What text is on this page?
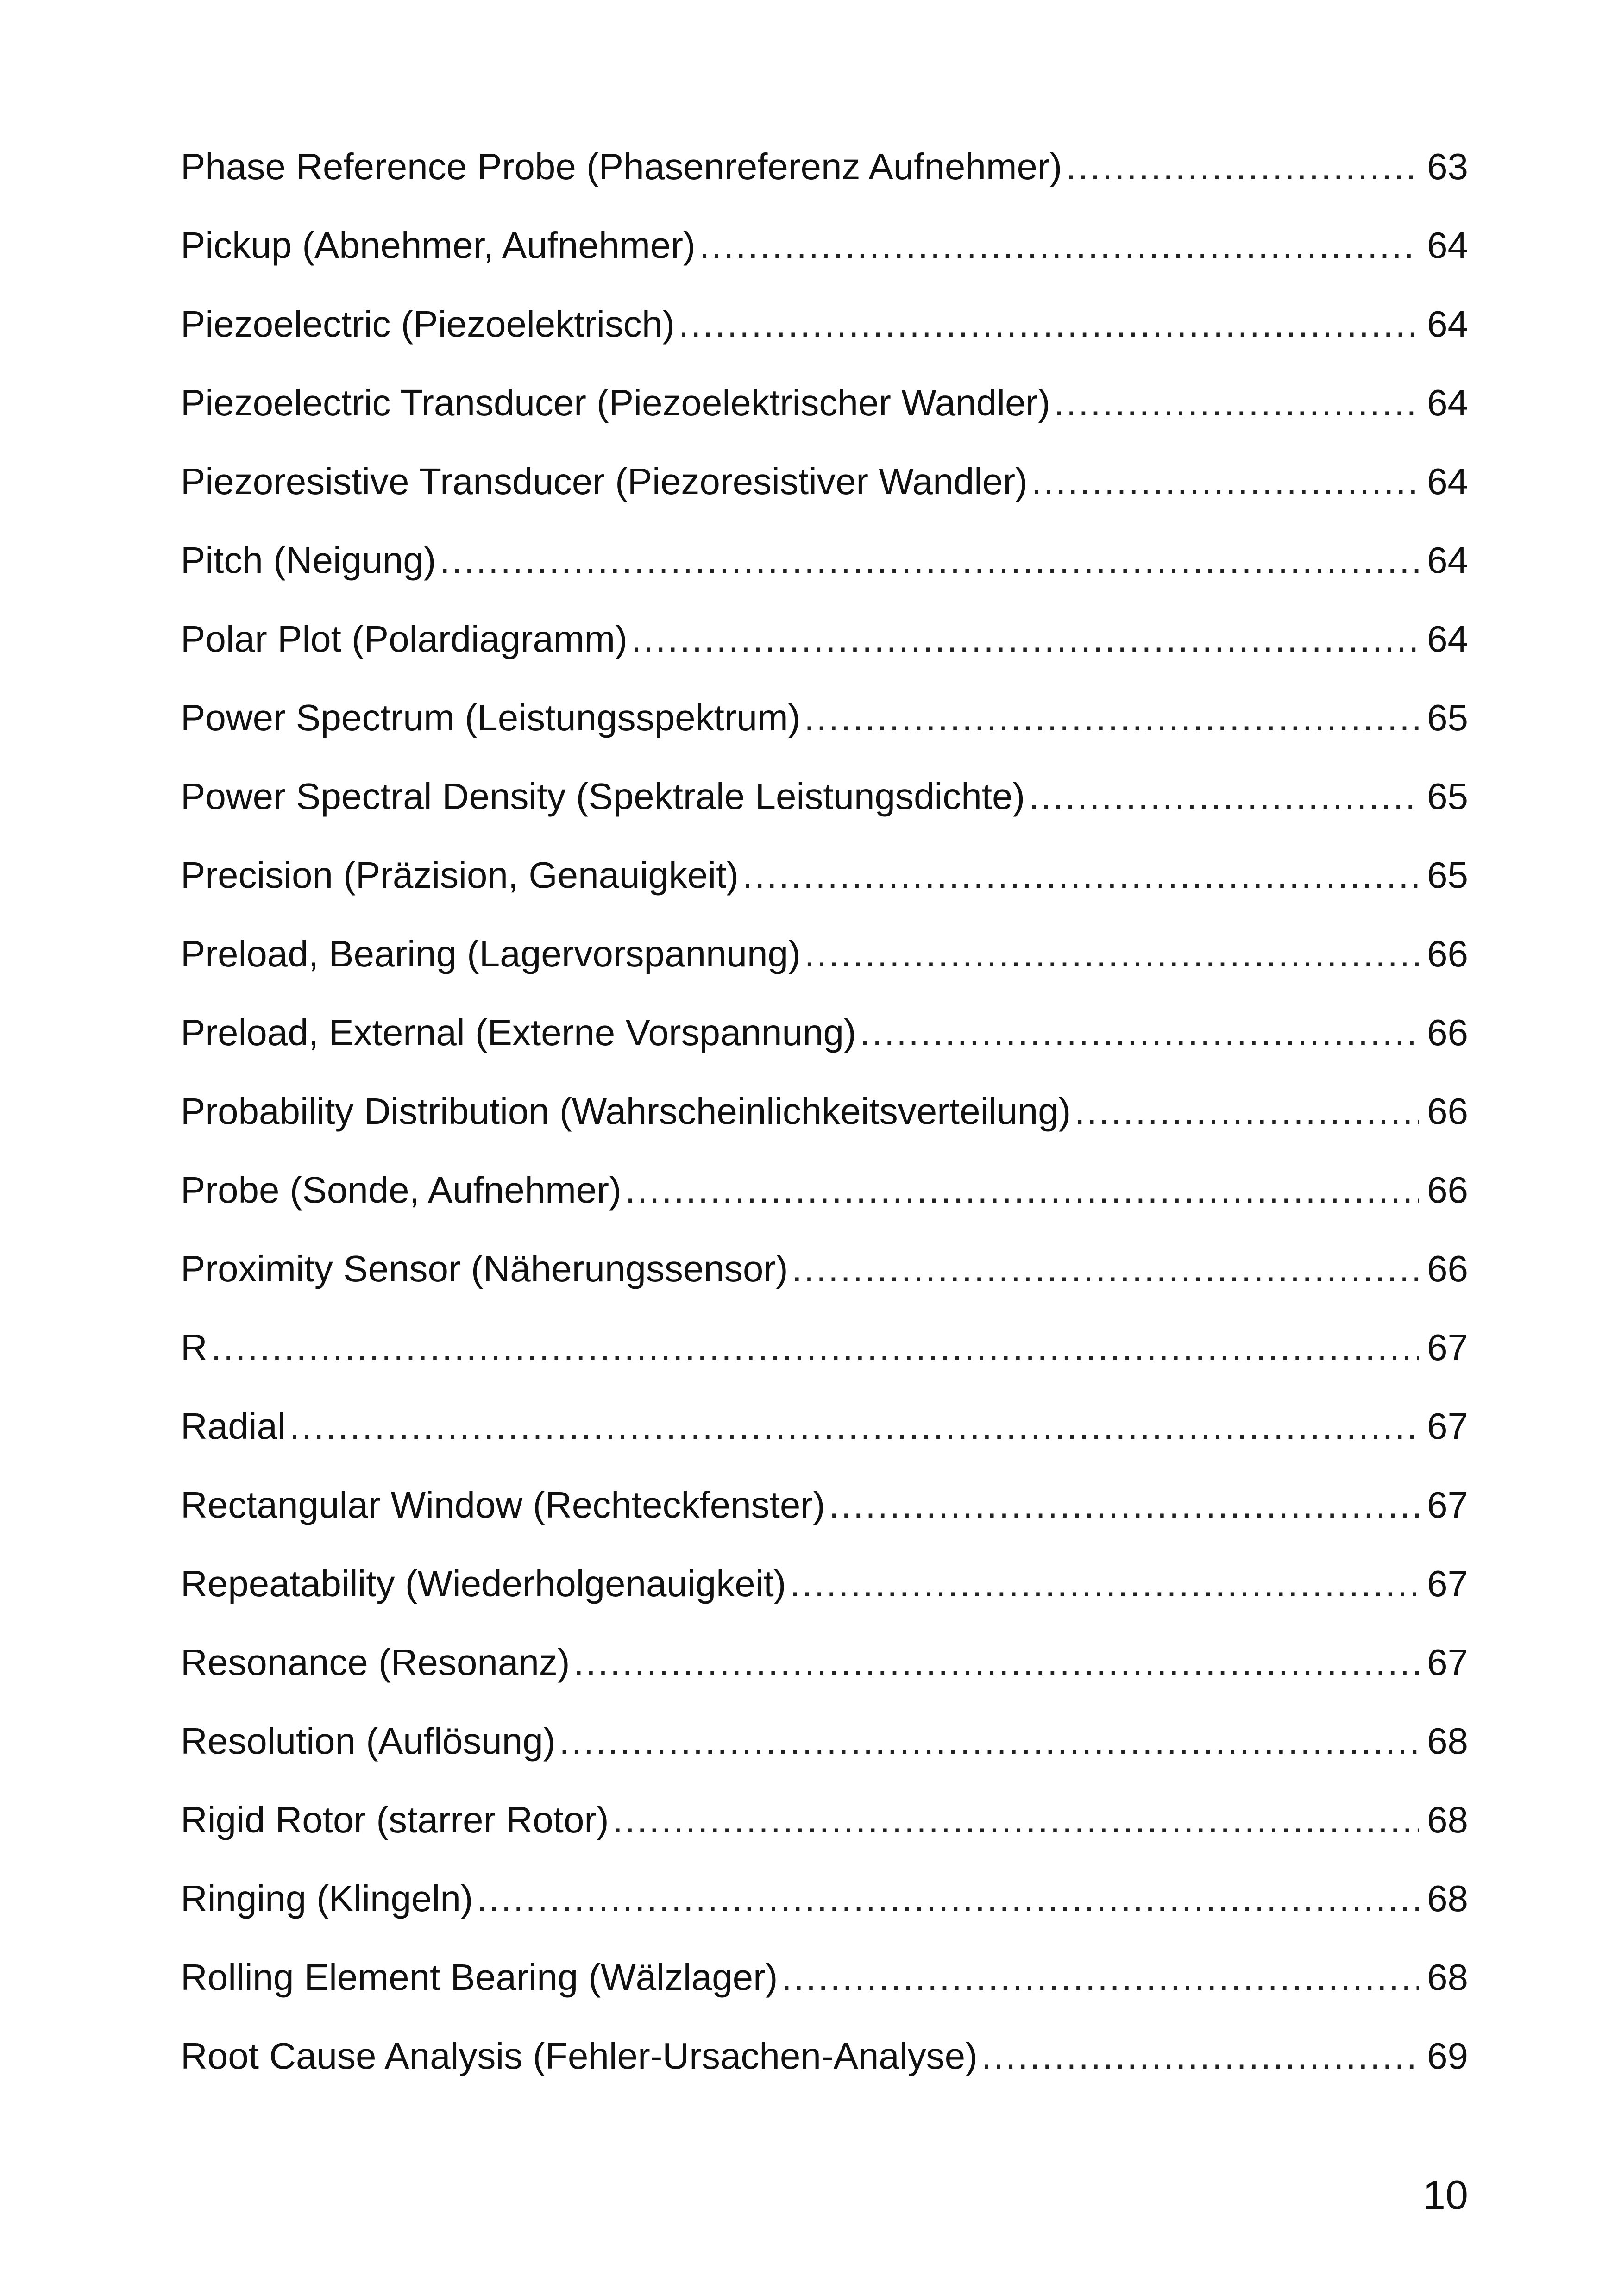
Phase Reference Probe (Phasenreferenz Aufnehmer) .....	63
Pickup (Abnehmer, Aufnehmer) .....	64
Piezoelectric (Piezoelektrisch) .....	64
Piezoelectric Transducer (Piezoelektrischer Wandler) .....	64
Piezoresistive Transducer (Piezoresistiver Wandler) .....	64
Pitch (Neigung) .....	64
Polar Plot (Polardiagramm) .....	64
Power Spectrum (Leistungsspektrum) .....	65
Power Spectral Density (Spektrale Leistungsdichte) .....	65
Precision (Präzision, Genauigkeit) .....	65
Preload, Bearing (Lagervorspannung) .....	66
Preload, External (Externe Vorspannung) .....	66
Probability Distribution (Wahrscheinlichkeitsverteilung) .....	66
Probe (Sonde, Aufnehmer) .....	66
Proximity Sensor (Näherungssensor) .....	66
R .....	67
Radial .....	67
Rectangular Window (Rechteckfenster) .....	67
Repeatability (Wiederholgenauigkeit) .....	67
Resonance (Resonanz) .....	67
Resolution (Auflösung) .....	68
Rigid Rotor (starrer Rotor) .....	68
Ringing (Klingeln) .....	68
Rolling Element Bearing (Wälzlager) .....	68
Root Cause Analysis (Fehler-Ursachen-Analyse) .....	69
10
